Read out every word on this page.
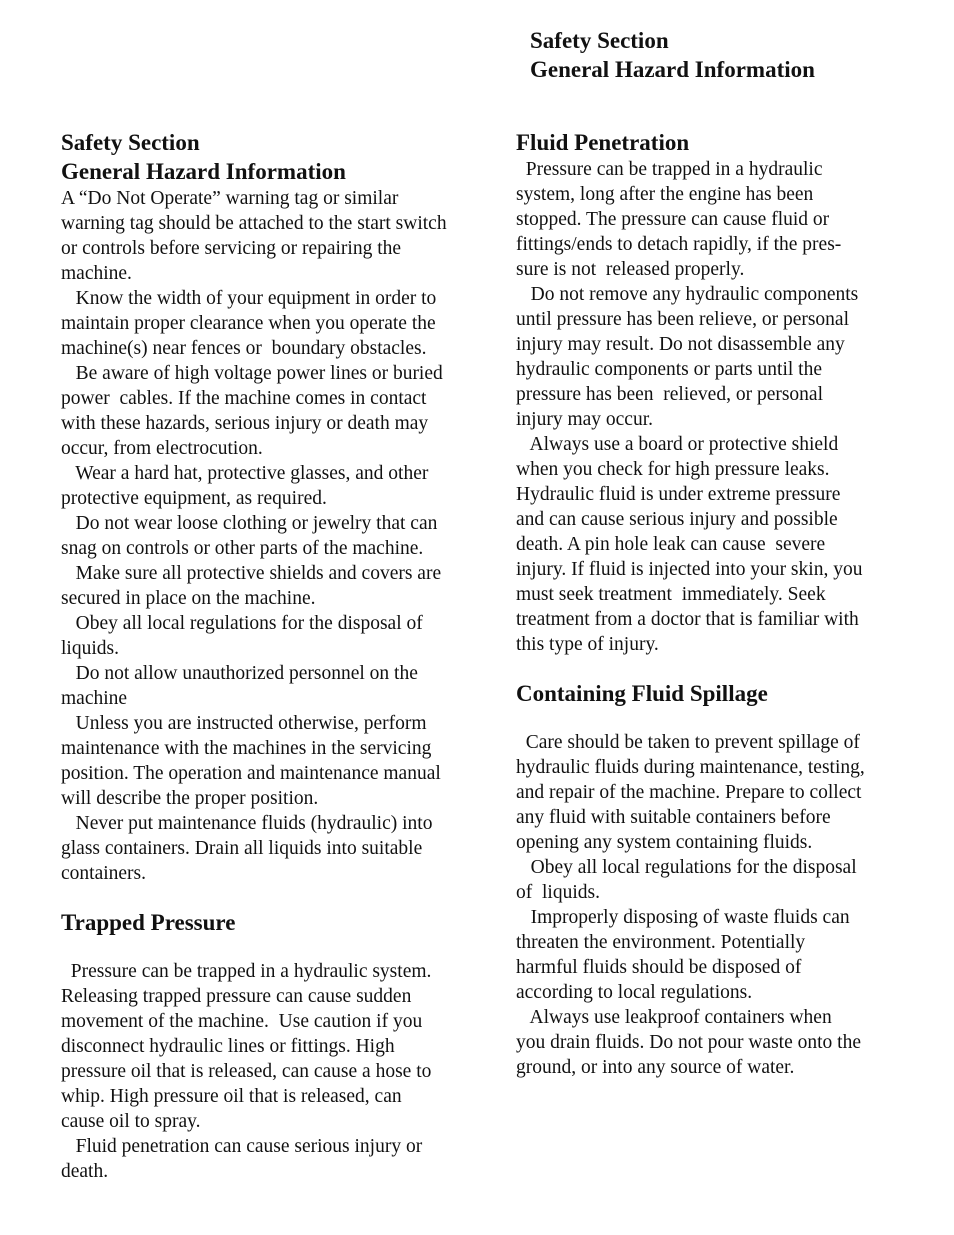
Safety Section
General Hazard Information
Safety Section
General Hazard Information
A “Do Not Operate” warning tag or similar
warning tag should be attached to the start switch
or controls before servicing or repairing the
machine.
Know the width of your equipment in order to
maintain proper clearance when you operate the
machine(s) near fences or  boundary obstacles.
Be aware of high voltage power lines or buried
power  cables. If the machine comes in contact
with these hazards, serious injury or death may
occur, from electrocution.
Wear a hard hat, protective glasses, and other
protective equipment, as required.
Do not wear loose clothing or jewelry that can
snag on controls or other parts of the machine.
Make sure all protective shields and covers are
secured in place on the machine.
Obey all local regulations for the disposal of
liquids.
Do not allow unauthorized personnel on the
machine
Unless you are instructed otherwise, perform
maintenance with the machines in the servicing
position. The operation and maintenance manual
will describe the proper position.
Never put maintenance fluids (hydraulic) into
glass containers. Drain all liquids into suitable
containers.
Trapped Pressure
Pressure can be trapped in a hydraulic system.
Releasing trapped pressure can cause sudden
movement of the machine.  Use caution if you
disconnect hydraulic lines or fittings. High
pressure oil that is released, can cause a hose to
whip. High pressure oil that is released, can
cause oil to spray.
Fluid penetration can cause serious injury or
death.
Fluid Penetration
Pressure can be trapped in a hydraulic
system, long after the engine has been
stopped. The pressure can cause fluid or
fittings/ends to detach rapidly, if the pres-
sure is not  released properly.
Do not remove any hydraulic components
until pressure has been relieve, or personal
injury may result. Do not disassemble any
hydraulic components or parts until the
pressure has been  relieved, or personal
injury may occur.
Always use a board or protective shield
when you check for high pressure leaks.
Hydraulic fluid is under extreme pressure
and can cause serious injury and possible
death. A pin hole leak can cause  severe
injury. If fluid is injected into your skin, you
must seek treatment  immediately. Seek
treatment from a doctor that is familiar with
this type of injury.
Containing Fluid Spillage
Care should be taken to prevent spillage of
hydraulic fluids during maintenance, testing,
and repair of the machine. Prepare to collect
any fluid with suitable containers before
opening any system containing fluids.
Obey all local regulations for the disposal
of  liquids.
Improperly disposing of waste fluids can
threaten the environment. Potentially
harmful fluids should be disposed of
according to local regulations.
Always use leakproof containers when
you drain fluids. Do not pour waste onto the
ground, or into any source of water.
